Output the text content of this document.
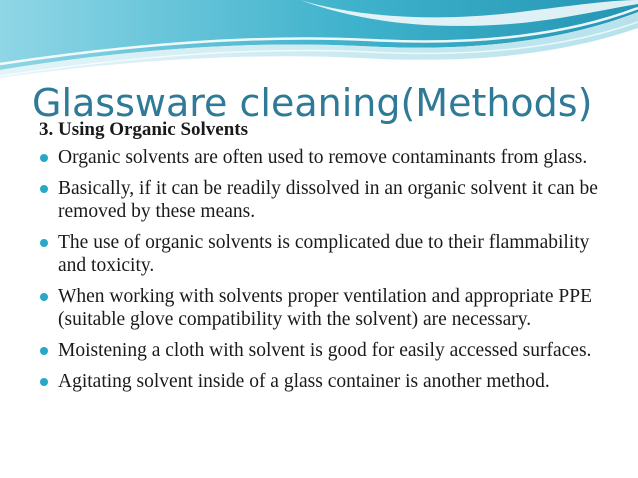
Glassware cleaning(Methods)
3. Using Organic Solvents
Organic solvents are often used to remove contaminants from glass.
Basically, if it can be readily dissolved in an organic solvent it can be removed by these means.
The use of organic solvents is complicated due to their flammability and toxicity.
When working with solvents proper ventilation and appropriate PPE (suitable glove compatibility with the solvent) are necessary.
Moistening a cloth with solvent is good for easily accessed surfaces.
Agitating solvent inside of a glass container is another method.
